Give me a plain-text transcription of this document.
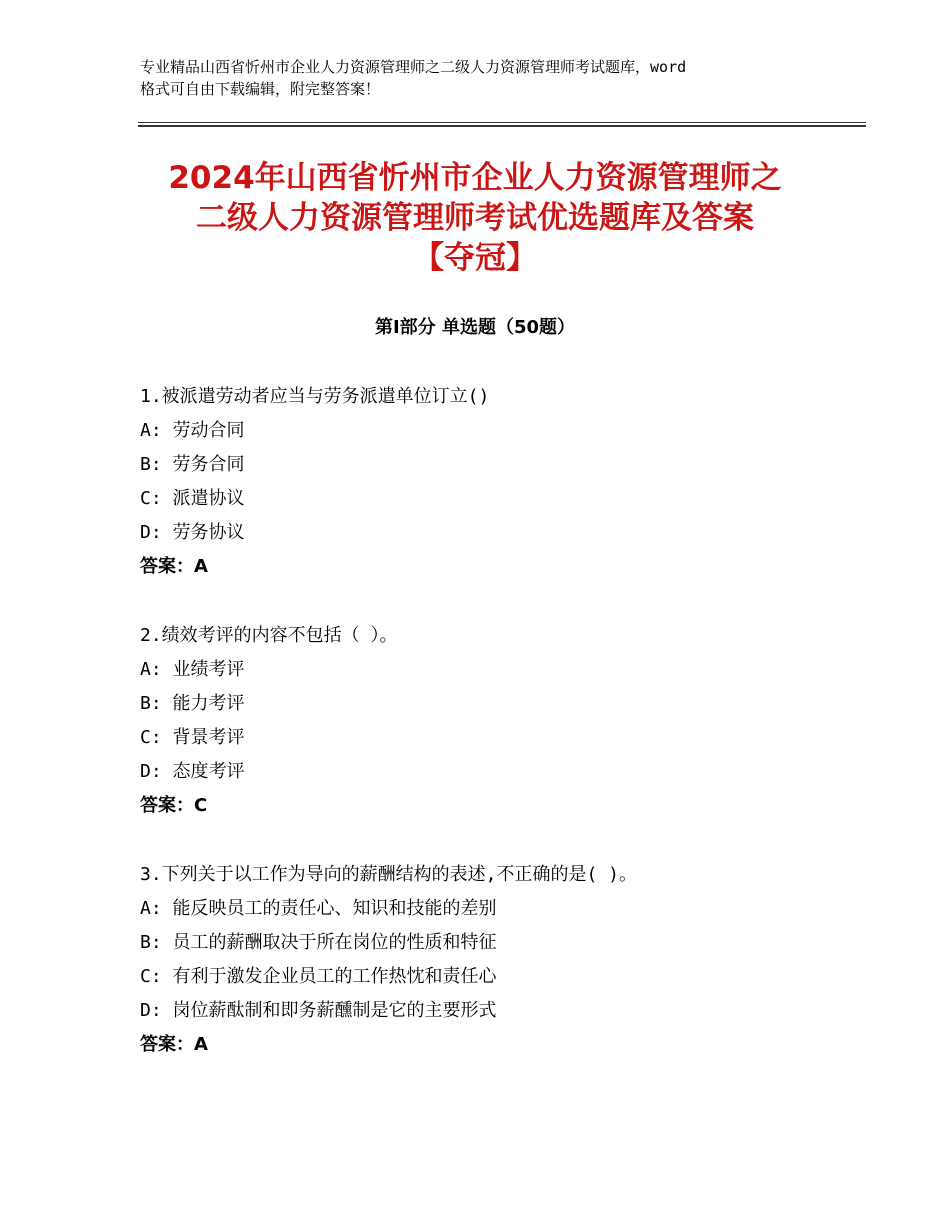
专业精品山西省忻州市企业人力资源管理师之二级人力资源管理师考试题库，word
格式可自由下载编辑，附完整答案！
2024年山西省忻州市企业人力资源管理师之
二级人力资源管理师考试优选题库及答案
【夺冠】
第Ⅰ部分 单选题（50题）
1.被派遣劳动者应当与劳务派遣单位订立()
A: 劳动合同
B: 劳务合同
C: 派遣协议
D: 劳务协议
答案：A
2.绩效考评的内容不包括（ ）。
A: 业绩考评
B: 能力考评
C: 背景考评
D: 态度考评
答案：C
3.下列关于以工作为导向的薪酬结构的表述,不正确的是( )。
A: 能反映员工的责任心、知识和技能的差别
B: 员工的薪酬取决于所在岗位的性质和特征
C: 有利于激发企业员工的工作热忱和责任心
D: 岗位薪酞制和即务薪醺制是它的主要形式
答案：A
